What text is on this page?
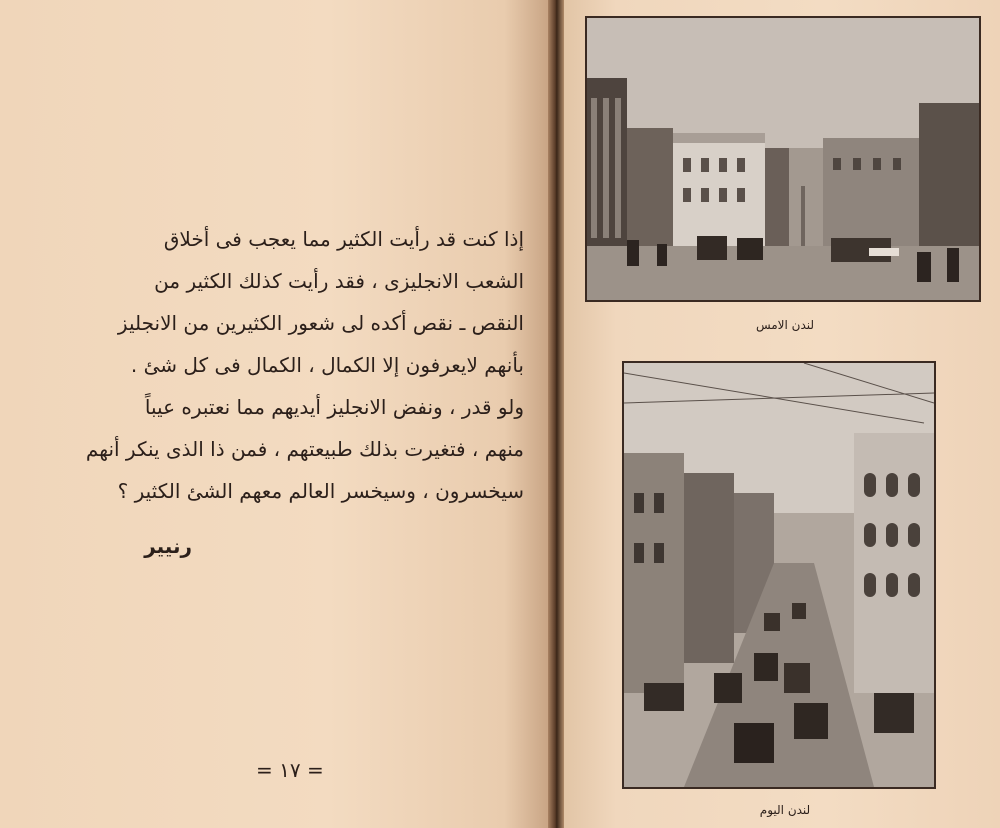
إذا كنت قد رأيت الكثير مما يعجب فى أخلاق

الشعب الانجليزى ، فقد رأيت كذلك الكثير من

النقص ـ نقص أكده لى شعور الكثيرين من الانجليز

بأنهم لايعرفون إلا الكمال ، الكمال فى كل شئ .

ولو قدر ، ونفض الانجليز أيديهم مما نعتبره عيباً

منهم ، فتغيرت بذلك طبيعتهم ، فمن ذا الذى ينكر أنهم

سيخسرون ، وسيخسر العالم معهم الشئ الكثير ؟

رنيير
= ١٧ =
لندن الامس
لندن اليوم
